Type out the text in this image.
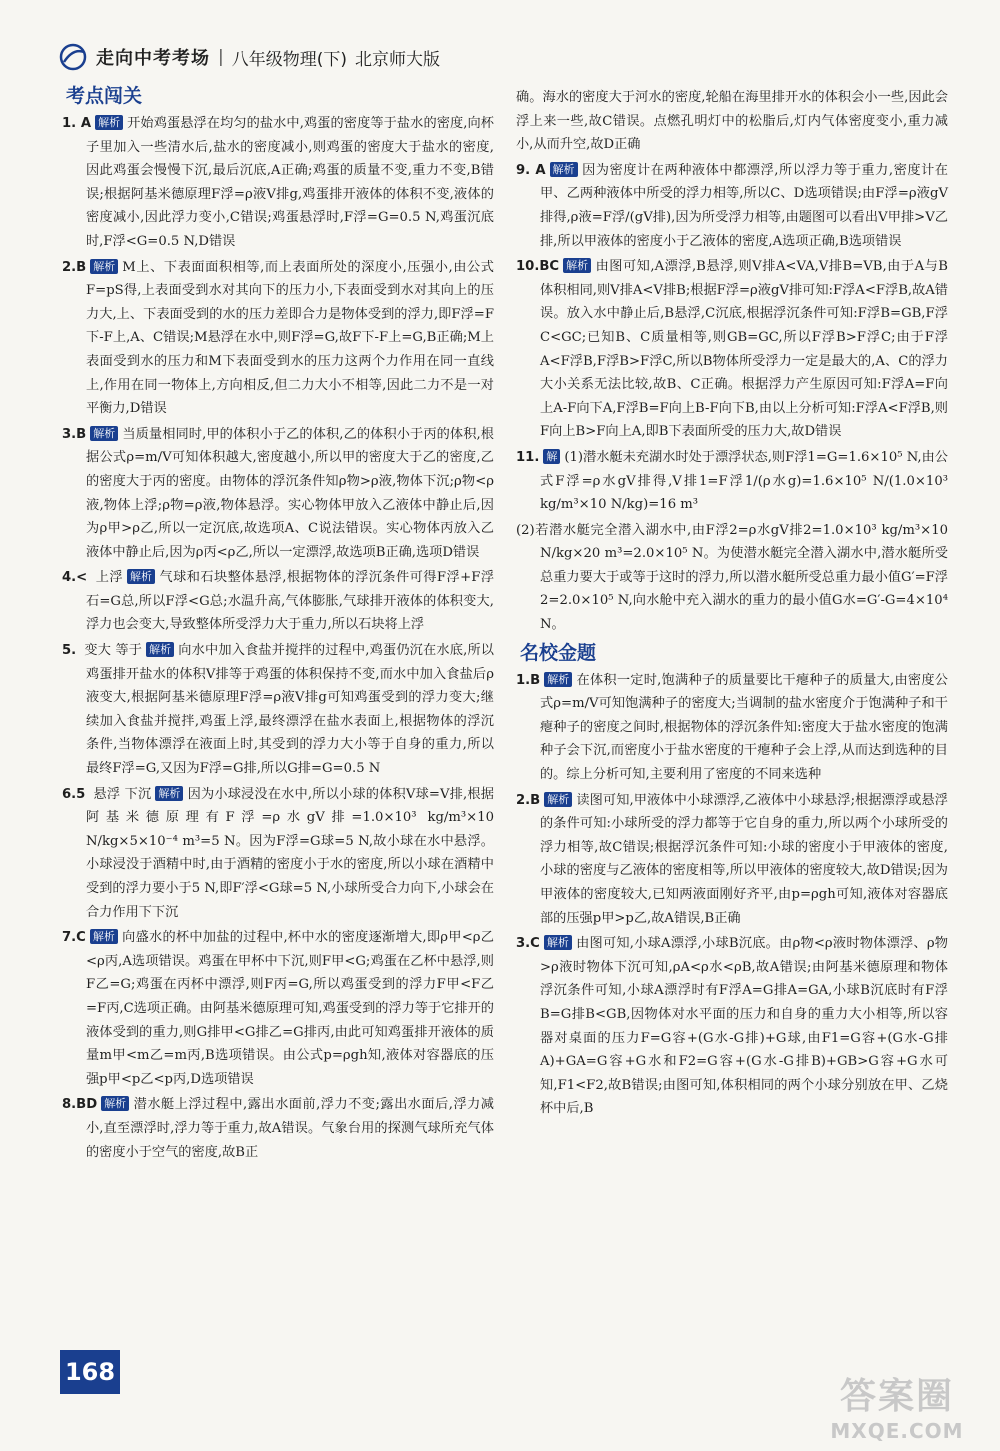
走向中考考场 | 八年级物理(下) 北京师大版
考点闯关
1. A 解析 开始鸡蛋悬浮在均匀的盐水中,鸡蛋的密度等于盐水的密度,向杯子里加入一些清水后,盐水的密度减小,则鸡蛋的密度大于盐水的密度,因此鸡蛋会慢慢下沉,最后沉底,A正确;鸡蛋的质量不变,重力不变,B错误;根据阿基米德原理F浮=ρ液V排g,鸡蛋排开液体的体积不变,液体的密度减小,因此浮力变小,C错误;鸡蛋悬浮时,F浮=G=0.5 N,鸡蛋沉底时,F浮<G=0.5 N,D错误
2.B 解析 M上、下表面面积相等,而上表面所处的深度小,压强小,由公式F=pS得,上表面受到水对其向下的压力小,下表面受到水对其向上的压力大,上、下表面受到的水的压力差即合力是物体受到的浮力,即F浮=F下-F上,A、C错误;M悬浮在水中,则F浮=G,故F下-F上=G,B正确;M上表面受到水的压力和M下表面受到水的压力这两个力作用在同一直线上,作用在同一物体上,方向相反,但二力大小不相等,因此二力不是一对平衡力,D错误
3.B 解析 当质量相同时,甲的体积小于乙的体积,乙的体积小于丙的体积,根据公式ρ=m/V可知体积越大,密度越小,所以甲的密度大于乙的密度,乙的密度大于丙的密度。由物体的浮沉条件知ρ物>ρ液,物体下沉;ρ物<ρ液,物体上浮;ρ物=ρ液,物体悬浮。实心物体甲放入乙液体中静止后,因为ρ甲>ρ乙,所以一定沉底,故选项A、C说法错误。实心物体丙放入乙液体中静止后,因为ρ丙<ρ乙,所以一定漂浮,故选项B正确,选项D错误
4.< 上浮 解析 气球和石块整体悬浮,根据物体的浮沉条件可得F浮+F浮石=G总,所以F浮<G总;水温升高,气体膨胀,气球排开液体的体积变大,浮力也会变大,导致整体所受浮力大于重力,所以石块将上浮
5. 变大 等于 解析 向水中加入食盐并搅拌的过程中,鸡蛋仍沉在水底,所以鸡蛋排开盐水的体积V排等于鸡蛋的体积保持不变,而水中加入食盐后ρ液变大,根据阿基米德原理F浮=ρ液V排g可知鸡蛋受到的浮力变大;继续加入食盐并搅拌,鸡蛋上浮,最终漂浮在盐水表面上,根据物体的浮沉条件,当物体漂浮在液面上时,其受到的浮力大小等于自身的重力,所以最终F浮=G,又因为F浮=G排,所以G排=G=0.5 N
6.5 悬浮 下沉 解析 因为小球浸没在水中,所以小球的体积V球=V排,根据阿基米德原理有F浮=ρ水gV排=1.0×10³ kg/m³×10 N/kg×5×10⁻⁴ m³=5 N。因为F浮=G球=5 N,故小球在水中悬浮。小球浸没于酒精中时,由于酒精的密度小于水的密度,所以小球在酒精中受到的浮力要小于5 N,即F′浮<G球=5 N,小球所受合力向下,小球会在合力作用下下沉
7.C 解析 向盛水的杯中加盐的过程中,杯中水的密度逐渐增大,即ρ甲<ρ乙<ρ丙,A选项错误。鸡蛋在甲杯中下沉,则F甲<G;鸡蛋在乙杯中悬浮,则F乙=G;鸡蛋在丙杯中漂浮,则F丙=G,所以鸡蛋受到的浮力F甲<F乙=F丙,C选项正确。由阿基米德原理可知,鸡蛋受到的浮力等于它排开的液体受到的重力,则G排甲<G排乙=G排丙,由此可知鸡蛋排开液体的质量m甲<m乙=m丙,B选项错误。由公式p=ρgh知,液体对容器底的压强p甲<p乙<p丙,D选项错误
8.BD 解析 潜水艇上浮过程中,露出水面前,浮力不变;露出水面后,浮力减小,直至漂浮时,浮力等于重力,故A错误。气象台用的探测气球所充气体的密度小于空气的密度,故B正
确。海水的密度大于河水的密度,轮船在海里排开水的体积会小一些,因此会浮上来一些,故C错误。点燃孔明灯中的松脂后,灯内气体密度变小,重力减小,从而升空,故D正确
9. A 解析 因为密度计在两种液体中都漂浮,所以浮力等于重力,密度计在甲、乙两种液体中所受的浮力相等,所以C、D选项错误;由F浮=ρ液gV排得,ρ液=F浮/(gV排),因为所受浮力相等,由题图可以看出V甲排>V乙排,所以甲液体的密度小于乙液体的密度,A选项正确,B选项错误
10.BC 解析 由图可知,A漂浮,B悬浮,则V排A<VA,V排B=VB,由于A与B体积相同,则V排A<V排B;根据F浮=ρ液gV排可知:F浮A<F浮B,故A错误。放入水中静止后,B悬浮,C沉底,根据浮沉条件可知:F浮B=GB,F浮C<GC;已知B、C质量相等,则GB=GC,所以F浮B>F浮C;由于F浮A<F浮B,F浮B>F浮C,所以B物体所受浮力一定是最大的,A、C的浮力大小关系无法比较,故B、C正确。根据浮力产生原因可知:F浮A=F向上A-F向下A,F浮B=F向上B-F向下B,由以上分析可知:F浮A<F浮B,则F向上B>F向上A,即B下表面所受的压力大,故D错误
11. 解 (1)潜水艇未充湖水时处于漂浮状态,则F浮1=G=1.6×10⁵ N,由公式F浮=ρ水gV排得,V排1=F浮1/(ρ水g)=1.6×10⁵ N/(1.0×10³ kg/m³×10 N/kg)=16 m³
(2)若潜水艇完全潜入湖水中,由F浮2=ρ水gV排2=1.0×10³ kg/m³×10 N/kg×20 m³=2.0×10⁵ N。为使潜水艇完全潜入湖水中,潜水艇所受总重力要大于或等于这时的浮力,所以潜水艇所受总重力最小值G′=F浮2=2.0×10⁵ N,向水舱中充入湖水的重力的最小值G水=G′-G=4×10⁴ N。
名校金题
1.B 解析 在体积一定时,饱满种子的质量要比干瘪种子的质量大,由密度公式ρ=m/V可知饱满种子的密度大;当调制的盐水密度介于饱满种子和干瘪种子的密度之间时,根据物体的浮沉条件知:密度大于盐水密度的饱满种子会下沉,而密度小于盐水密度的干瘪种子会上浮,从而达到选种的目的。综上分析可知,主要利用了密度的不同来选种
2.B 解析 读图可知,甲液体中小球漂浮,乙液体中小球悬浮;根据漂浮或悬浮的条件可知:小球所受的浮力都等于它自身的重力,所以两个小球所受的浮力相等,故C错误;根据浮沉条件可知:小球的密度小于甲液体的密度,小球的密度与乙液体的密度相等,所以甲液体的密度较大,故D错误;因为甲液体的密度较大,已知两液面刚好齐平,由p=ρgh可知,液体对容器底部的压强p甲>p乙,故A错误,B正确
3.C 解析 由图可知,小球A漂浮,小球B沉底。由ρ物<ρ液时物体漂浮、ρ物>ρ液时物体下沉可知,ρA<ρ水<ρB,故A错误;由阿基米德原理和物体浮沉条件可知,小球A漂浮时有F浮A=G排A=GA,小球B沉底时有F浮B=G排B<GB,因物体对水平面的压力和自身的重力大小相等,所以容器对桌面的压力F=G容+(G水-G排)+G球,由F1=G容+(G水-G排A)+GA=G容+G水和F2=G容+(G水-G排B)+GB>G容+G水可知,F1<F2,故B错误;由图可知,体积相同的两个小球分别放在甲、乙烧杯中后,B
168
答案圈
MXQE.COM
